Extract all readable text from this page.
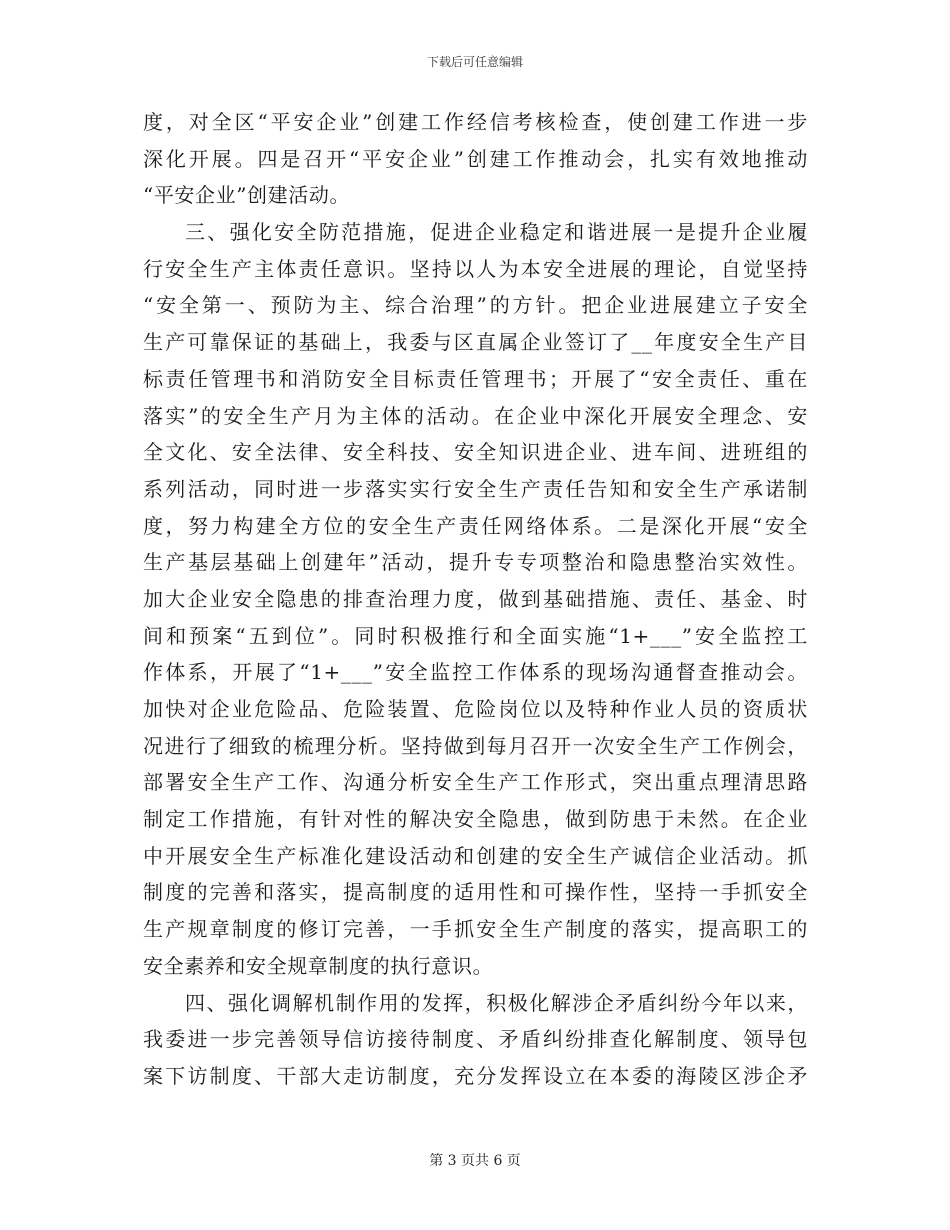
下载后可任意编辑
度，对全区“平安企业”创建工作经信考核检查，使创建工作进一步
深化开展。四是召开“平安企业”创建工作推动会，扎实有效地推动
“平安企业”创建活动。
三、强化安全防范措施，促进企业稳定和谐进展一是提升企业履
行安全生产主体责任意识。坚持以人为本安全进展的理论，自觉坚持
“安全第一、预防为主、综合治理”的方针。把企业进展建立子安全
生产可靠保证的基础上，我委与区直属企业签订了__年度安全生产目
标责任管理书和消防安全目标责任管理书；开展了“安全责任、重在
落实”的安全生产月为主体的活动。在企业中深化开展安全理念、安
全文化、安全法律、安全科技、安全知识进企业、进车间、进班组的
系列活动，同时进一步落实实行安全生产责任告知和安全生产承诺制
度，努力构建全方位的安全生产责任网络体系。二是深化开展“安全
生产基层基础上创建年”活动，提升专专项整治和隐患整治实效性。
加大企业安全隐患的排查治理力度，做到基础措施、责任、基金、时
间和预案“五到位”。同时积极推行和全面实施“1+___”安全监控工
作体系，开展了“1+___”安全监控工作体系的现场沟通督查推动会。
加快对企业危险品、危险装置、危险岗位以及特种作业人员的资质状
况进行了细致的梳理分析。坚持做到每月召开一次安全生产工作例会，
部署安全生产工作、沟通分析安全生产工作形式，突出重点理清思路
制定工作措施，有针对性的解决安全隐患，做到防患于未然。在企业
中开展安全生产标准化建设活动和创建的安全生产诚信企业活动。抓
制度的完善和落实，提高制度的适用性和可操作性，坚持一手抓安全
生产规章制度的修订完善，一手抓安全生产制度的落实，提高职工的
安全素养和安全规章制度的执行意识。
四、强化调解机制作用的发挥，积极化解涉企矛盾纠纷今年以来，
我委进一步完善领导信访接待制度、矛盾纠纷排查化解制度、领导包
案下访制度、干部大走访制度，充分发挥设立在本委的海陵区涉企矛
第 3 页共 6 页
